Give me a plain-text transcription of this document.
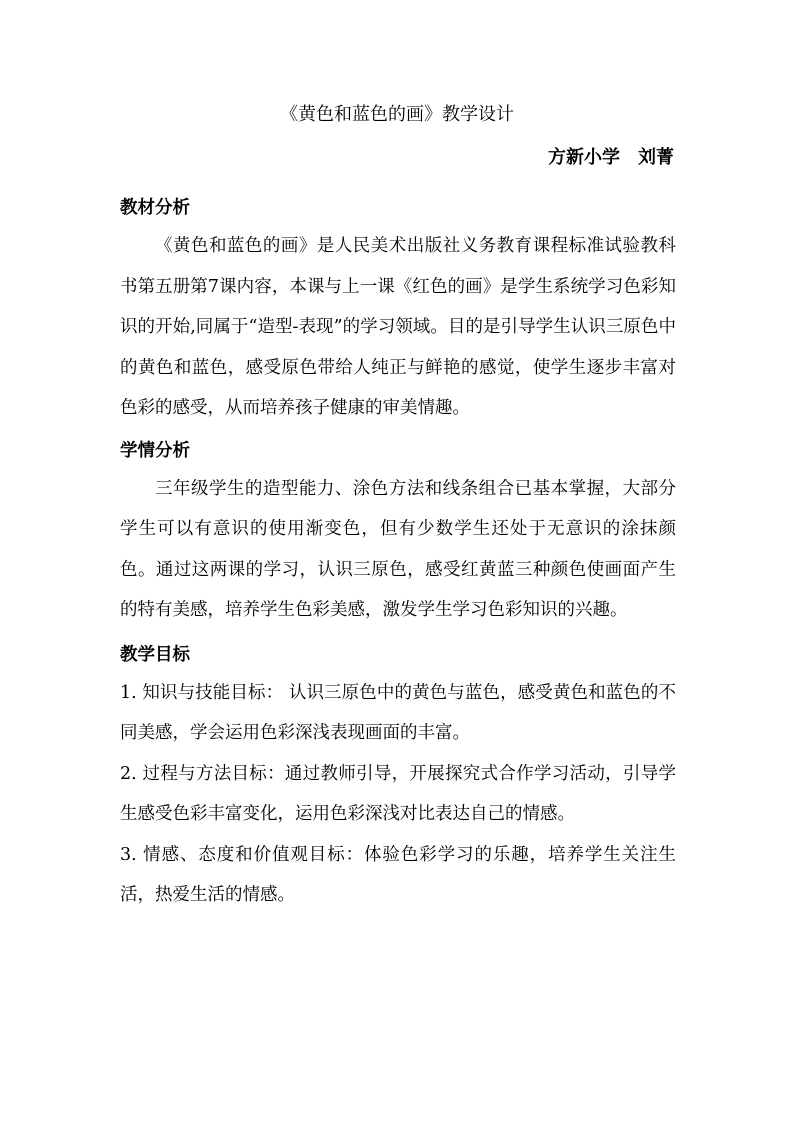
《黄色和蓝色的画》教学设计
方新小学　刘菁

教材分析

《黄色和蓝色的画》是人民美术出版社义务教育课程标准试验教科书第五册第7课内容，本课与上一课《红色的画》是学生系统学习色彩知识的开始,同属于“造型-表现”的学习领域。目的是引导学生认识三原色中的黄色和蓝色，感受原色带给人纯正与鲜艳的感觉，使学生逐步丰富对色彩的感受，从而培养孩子健康的审美情趣。

学情分析

三年级学生的造型能力、涂色方法和线条组合已基本掌握，大部分学生可以有意识的使用渐变色，但有少数学生还处于无意识的涂抹颜色。通过这两课的学习，认识三原色，感受红黄蓝三种颜色使画面产生的特有美感，培养学生色彩美感，激发学生学习色彩知识的兴趣。

教学目标

1. 知识与技能目标： 认识三原色中的黄色与蓝色，感受黄色和蓝色的不同美感，学会运用色彩深浅表现画面的丰富。

2. 过程与方法目标：通过教师引导，开展探究式合作学习活动，引导学生感受色彩丰富变化，运用色彩深浅对比表达自己的情感。

3. 情感、态度和价值观目标：体验色彩学习的乐趣，培养学生关注生活，热爱生活的情感。
